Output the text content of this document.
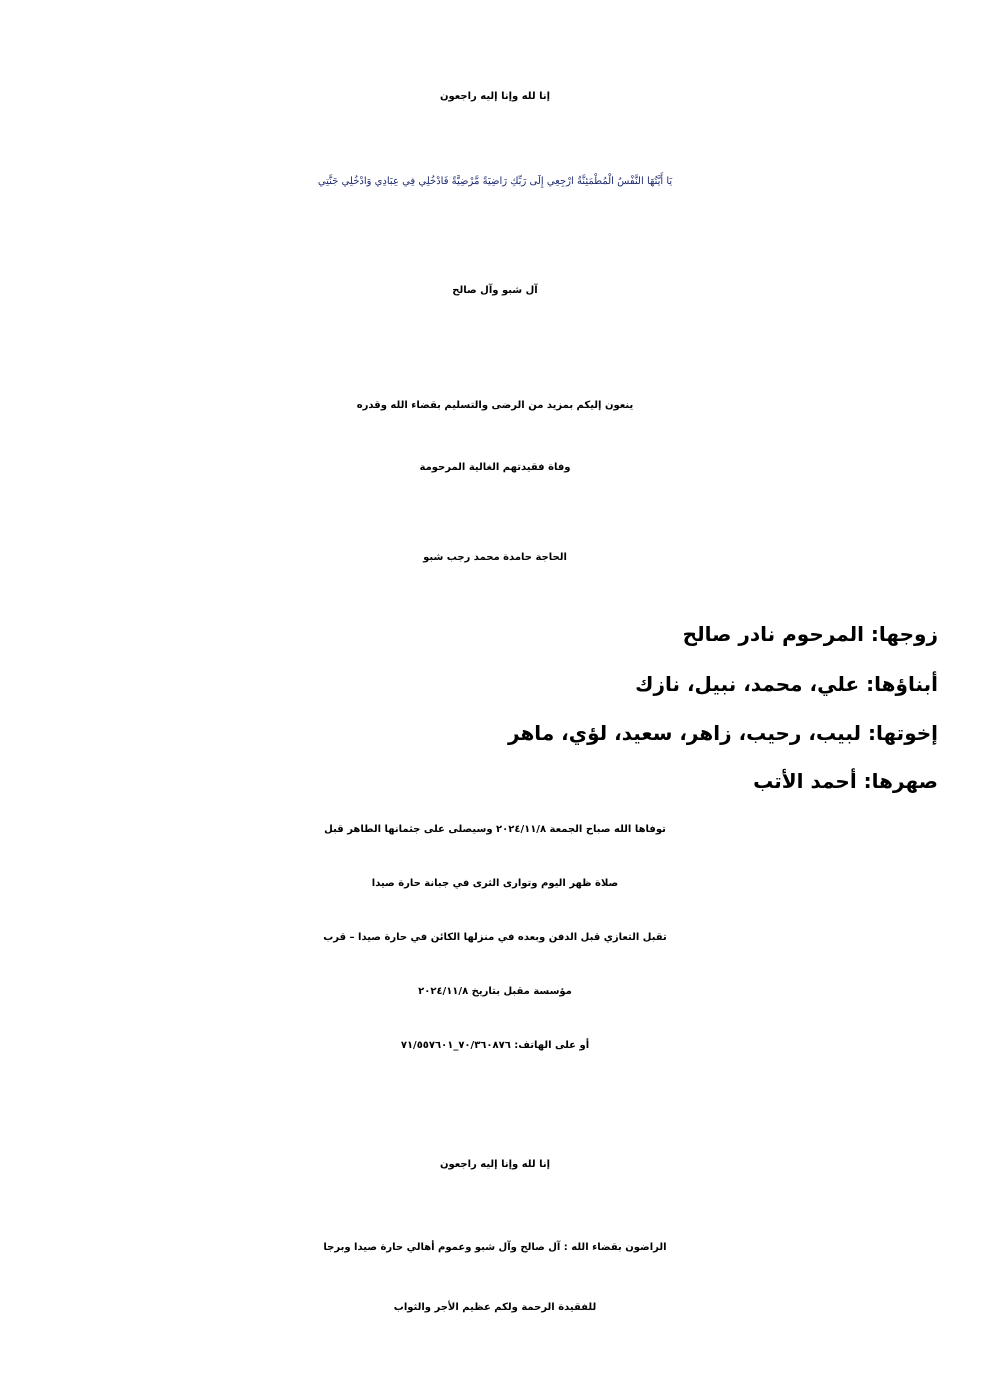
إنا لله وإنا إليه راجعون
يَا أَيَّتُهَا النَّفْسُ الْمُطْمَئِنَّةُ ارْجِعِي إِلَى رَبِّكِ رَاضِيَةً مَّرْضِيَّةً فَادْخُلِي فِي عِبَادِي وَادْخُلِي جَنَّتِي
آل شبو وآل صالح
ينعون إليكم بمزيد من الرضى والتسليم بقضاء الله وقدره
وفاة فقيدتهم الغالية المرحومة
الحاجة حامدة محمد رجب شبو
زوجها: المرحوم نادر صالح
أبناؤها: علي، محمد، نبيل، نازك
إخوتها: لبيب، رحيب، زاهر، سعيد، لؤي، ماهر
صهرها: أحمد الأتب
توفاها الله صباح الجمعة ٢٠٢٤/١١/٨ وسيصلى على جثمانها الطاهر قبل
صلاة ظهر اليوم وتوارى الثرى في جبانة حارة صيدا
تقبل التعازي قبل الدفن وبعده في منزلها الكائن في حارة صيدا – قرب
مؤسسة مقبل بتاريخ ٢٠٢٤/١١/٨
أو على الهاتف: ٧٠/٣٦٠٨٧٦_٧١/٥٥٧٦٠١
إنا لله وإنا إليه راجعون
الراضون بقضاء الله : آل صالح وآل شبو وعموم أهالي حارة صيدا وبرجا
للفقيدة الرحمة ولكم عظيم الأجر والثواب
